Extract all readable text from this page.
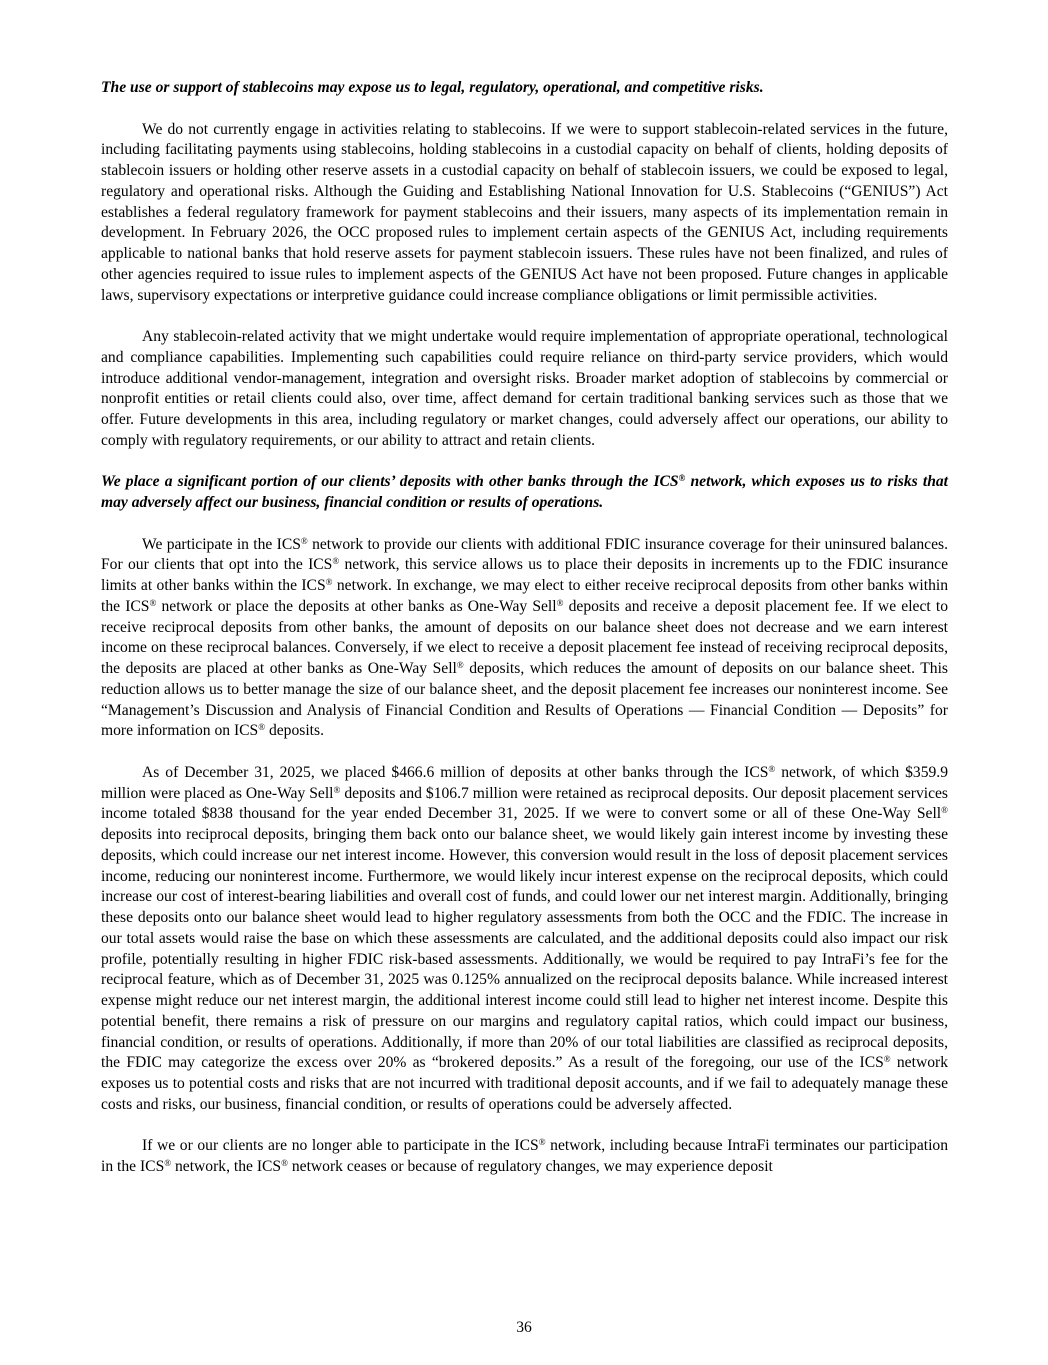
The use or support of stablecoins may expose us to legal, regulatory, operational, and competitive risks.

We do not currently engage in activities relating to stablecoins. If we were to support stablecoin-related services in the future, including facilitating payments using stablecoins, holding stablecoins in a custodial capacity on behalf of clients, holding deposits of stablecoin issuers or holding other reserve assets in a custodial capacity on behalf of stablecoin issuers, we could be exposed to legal, regulatory and operational risks. Although the Guiding and Establishing National Innovation for U.S. Stablecoins (“GENIUS”) Act establishes a federal regulatory framework for payment stablecoins and their issuers, many aspects of its implementation remain in development. In February 2026, the OCC proposed rules to implement certain aspects of the GENIUS Act, including requirements applicable to national banks that hold reserve assets for payment stablecoin issuers. These rules have not been finalized, and rules of other agencies required to issue rules to implement aspects of the GENIUS Act have not been proposed. Future changes in applicable laws, supervisory expectations or interpretive guidance could increase compliance obligations or limit permissible activities.

Any stablecoin-related activity that we might undertake would require implementation of appropriate operational, technological and compliance capabilities. Implementing such capabilities could require reliance on third-party service providers, which would introduce additional vendor-management, integration and oversight risks. Broader market adoption of stablecoins by commercial or nonprofit entities or retail clients could also, over time, affect demand for certain traditional banking services such as those that we offer. Future developments in this area, including regulatory or market changes, could adversely affect our operations, our ability to comply with regulatory requirements, or our ability to attract and retain clients.

We place a significant portion of our clients’ deposits with other banks through the ICS® network, which exposes us to risks that may adversely affect our business, financial condition or results of operations.

We participate in the ICS® network to provide our clients with additional FDIC insurance coverage for their uninsured balances. For our clients that opt into the ICS® network, this service allows us to place their deposits in increments up to the FDIC insurance limits at other banks within the ICS® network. In exchange, we may elect to either receive reciprocal deposits from other banks within the ICS® network or place the deposits at other banks as One-Way Sell® deposits and receive a deposit placement fee. If we elect to receive reciprocal deposits from other banks, the amount of deposits on our balance sheet does not decrease and we earn interest income on these reciprocal balances. Conversely, if we elect to receive a deposit placement fee instead of receiving reciprocal deposits, the deposits are placed at other banks as One-Way Sell® deposits, which reduces the amount of deposits on our balance sheet. This reduction allows us to better manage the size of our balance sheet, and the deposit placement fee increases our noninterest income. See “Management’s Discussion and Analysis of Financial Condition and Results of Operations — Financial Condition — Deposits” for more information on ICS® deposits.

As of December 31, 2025, we placed $466.6 million of deposits at other banks through the ICS® network, of which $359.9 million were placed as One-Way Sell® deposits and $106.7 million were retained as reciprocal deposits. Our deposit placement services income totaled $838 thousand for the year ended December 31, 2025. If we were to convert some or all of these One-Way Sell® deposits into reciprocal deposits, bringing them back onto our balance sheet, we would likely gain interest income by investing these deposits, which could increase our net interest income. However, this conversion would result in the loss of deposit placement services income, reducing our noninterest income. Furthermore, we would likely incur interest expense on the reciprocal deposits, which could increase our cost of interest-bearing liabilities and overall cost of funds, and could lower our net interest margin. Additionally, bringing these deposits onto our balance sheet would lead to higher regulatory assessments from both the OCC and the FDIC. The increase in our total assets would raise the base on which these assessments are calculated, and the additional deposits could also impact our risk profile, potentially resulting in higher FDIC risk-based assessments. Additionally, we would be required to pay IntraFi’s fee for the reciprocal feature, which as of December 31, 2025 was 0.125% annualized on the reciprocal deposits balance. While increased interest expense might reduce our net interest margin, the additional interest income could still lead to higher net interest income. Despite this potential benefit, there remains a risk of pressure on our margins and regulatory capital ratios, which could impact our business, financial condition, or results of operations. Additionally, if more than 20% of our total liabilities are classified as reciprocal deposits, the FDIC may categorize the excess over 20% as “brokered deposits.” As a result of the foregoing, our use of the ICS® network exposes us to potential costs and risks that are not incurred with traditional deposit accounts, and if we fail to adequately manage these costs and risks, our business, financial condition, or results of operations could be adversely affected.

If we or our clients are no longer able to participate in the ICS® network, including because IntraFi terminates our participation in the ICS® network, the ICS® network ceases or because of regulatory changes, we may experience deposit

36
